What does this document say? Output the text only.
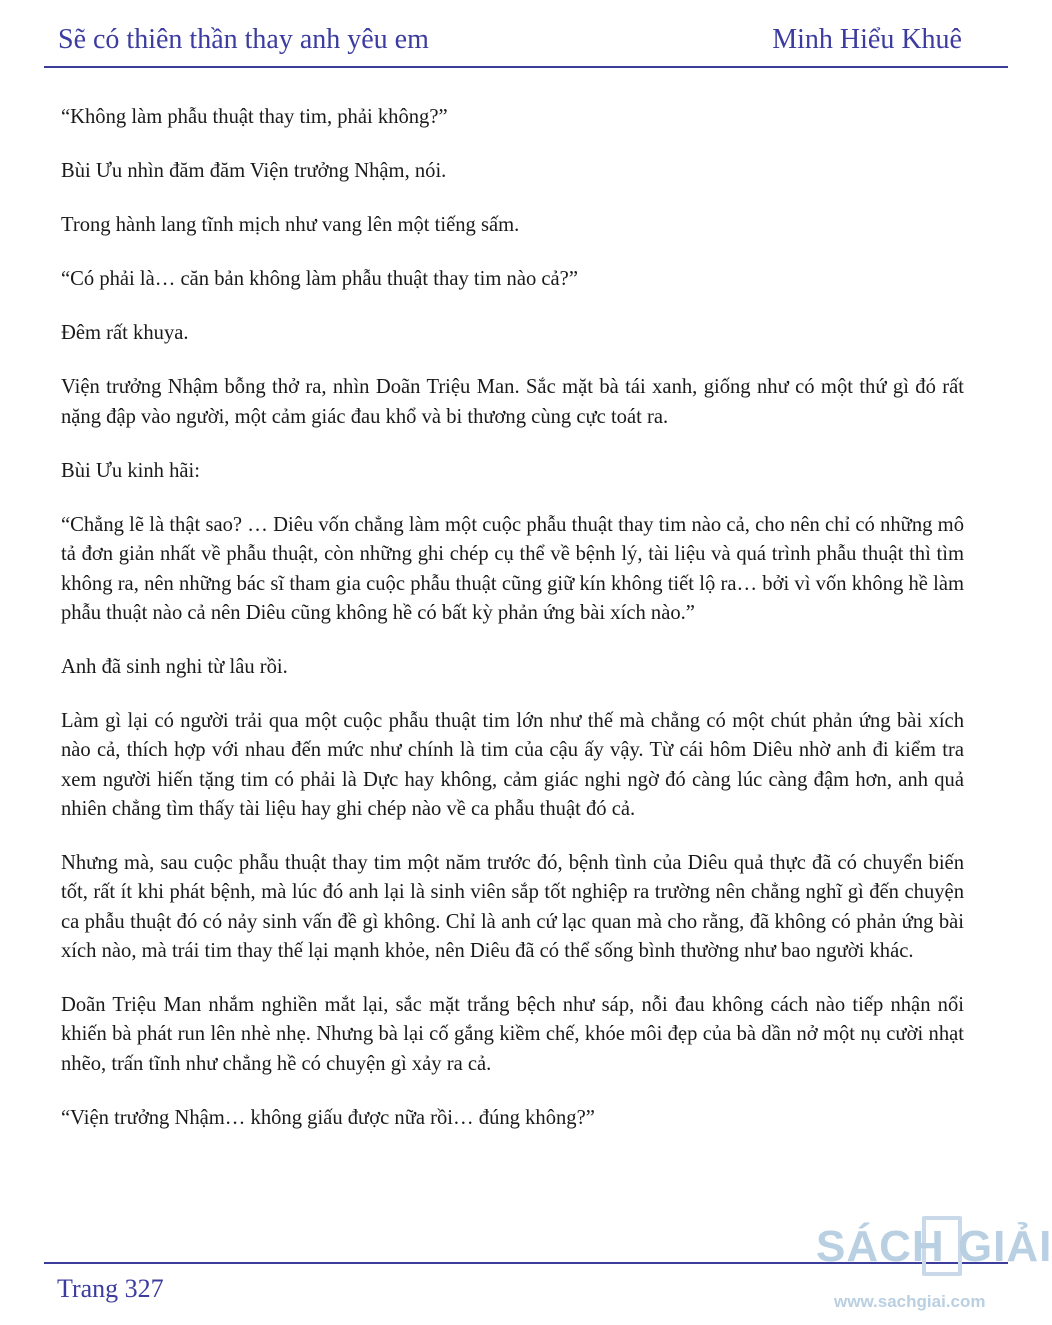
Sẽ có thiên thần thay anh yêu em	Minh Hiểu Khuê

“Không làm phẫu thuật thay tim, phải không?”

Bùi Ưu nhìn đăm đăm Viện trưởng Nhậm, nói.

Trong hành lang tĩnh mịch như vang lên một tiếng sấm.

“Có phải là… căn bản không làm phẫu thuật thay tim nào cả?”

Đêm rất khuya.

Viện trưởng Nhậm bỗng thở ra, nhìn Doãn Triệu Man. Sắc mặt bà tái xanh, giống như có một thứ gì đó rất nặng đập vào người, một cảm giác đau khổ và bi thương cùng cực toát ra.

Bùi Ưu kinh hãi:

“Chẳng lẽ là thật sao? … Diêu vốn chẳng làm một cuộc phẫu thuật thay tim nào cả, cho nên chỉ có những mô tả đơn giản nhất về phẫu thuật, còn những ghi chép cụ thể về bệnh lý, tài liệu và quá trình phẫu thuật thì tìm không ra, nên những bác sĩ tham gia cuộc phẫu thuật cũng giữ kín không tiết lộ ra… bởi vì vốn không hề làm phẫu thuật nào cả nên Diêu cũng không hề có bất kỳ phản ứng bài xích nào.”

Anh đã sinh nghi từ lâu rồi.

Làm gì lại có người trải qua một cuộc phẫu thuật tim lớn như thế mà chẳng có một chút phản ứng bài xích nào cả, thích hợp với nhau đến mức như chính là tim của cậu ấy vậy. Từ cái hôm Diêu nhờ anh đi kiểm tra xem người hiến tặng tim có phải là Dực hay không, cảm giác nghi ngờ đó càng lúc càng đậm hơn, anh quả nhiên chẳng tìm thấy tài liệu hay ghi chép nào về ca phẫu thuật đó cả.

Nhưng mà, sau cuộc phẫu thuật thay tim một năm trước đó, bệnh tình của Diêu quả thực đã có chuyển biến tốt, rất ít khi phát bệnh, mà lúc đó anh lại là sinh viên sắp tốt nghiệp ra trường nên chẳng nghĩ gì đến chuyện ca phẫu thuật đó có nảy sinh vấn đề gì không. Chỉ là anh cứ lạc quan mà cho rằng, đã không có phản ứng bài xích nào, mà trái tim thay thế lại mạnh khỏe, nên Diêu đã có thể sống bình thường như bao người khác.

Doãn Triệu Man nhắm nghiền mắt lại, sắc mặt trắng bệch như sáp, nỗi đau không cách nào tiếp nhận nổi khiến bà phát run lên nhè nhẹ. Nhưng bà lại cố gắng kiềm chế, khóe môi đẹp của bà dần nở một nụ cười nhạt nhẽo, trấn tĩnh như chẳng hề có chuyện gì xảy ra cả.

“Viện trưởng Nhậm… không giấu được nữa rồi… đúng không?”

Trang 327
SÁCH GIẢI
www.sachgiai.com
